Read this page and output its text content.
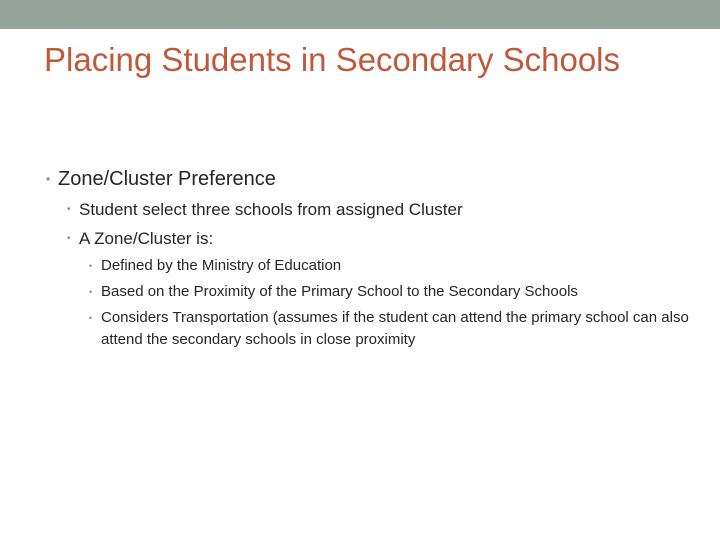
Placing Students in Secondary Schools
• Zone/Cluster Preference
• Student select three schools from assigned Cluster
• A Zone/Cluster is:
• Defined by the Ministry of Education
• Based on the Proximity of the Primary School to the Secondary Schools
• Considers Transportation (assumes if the student can attend the primary school can also attend the secondary schools in close proximity
